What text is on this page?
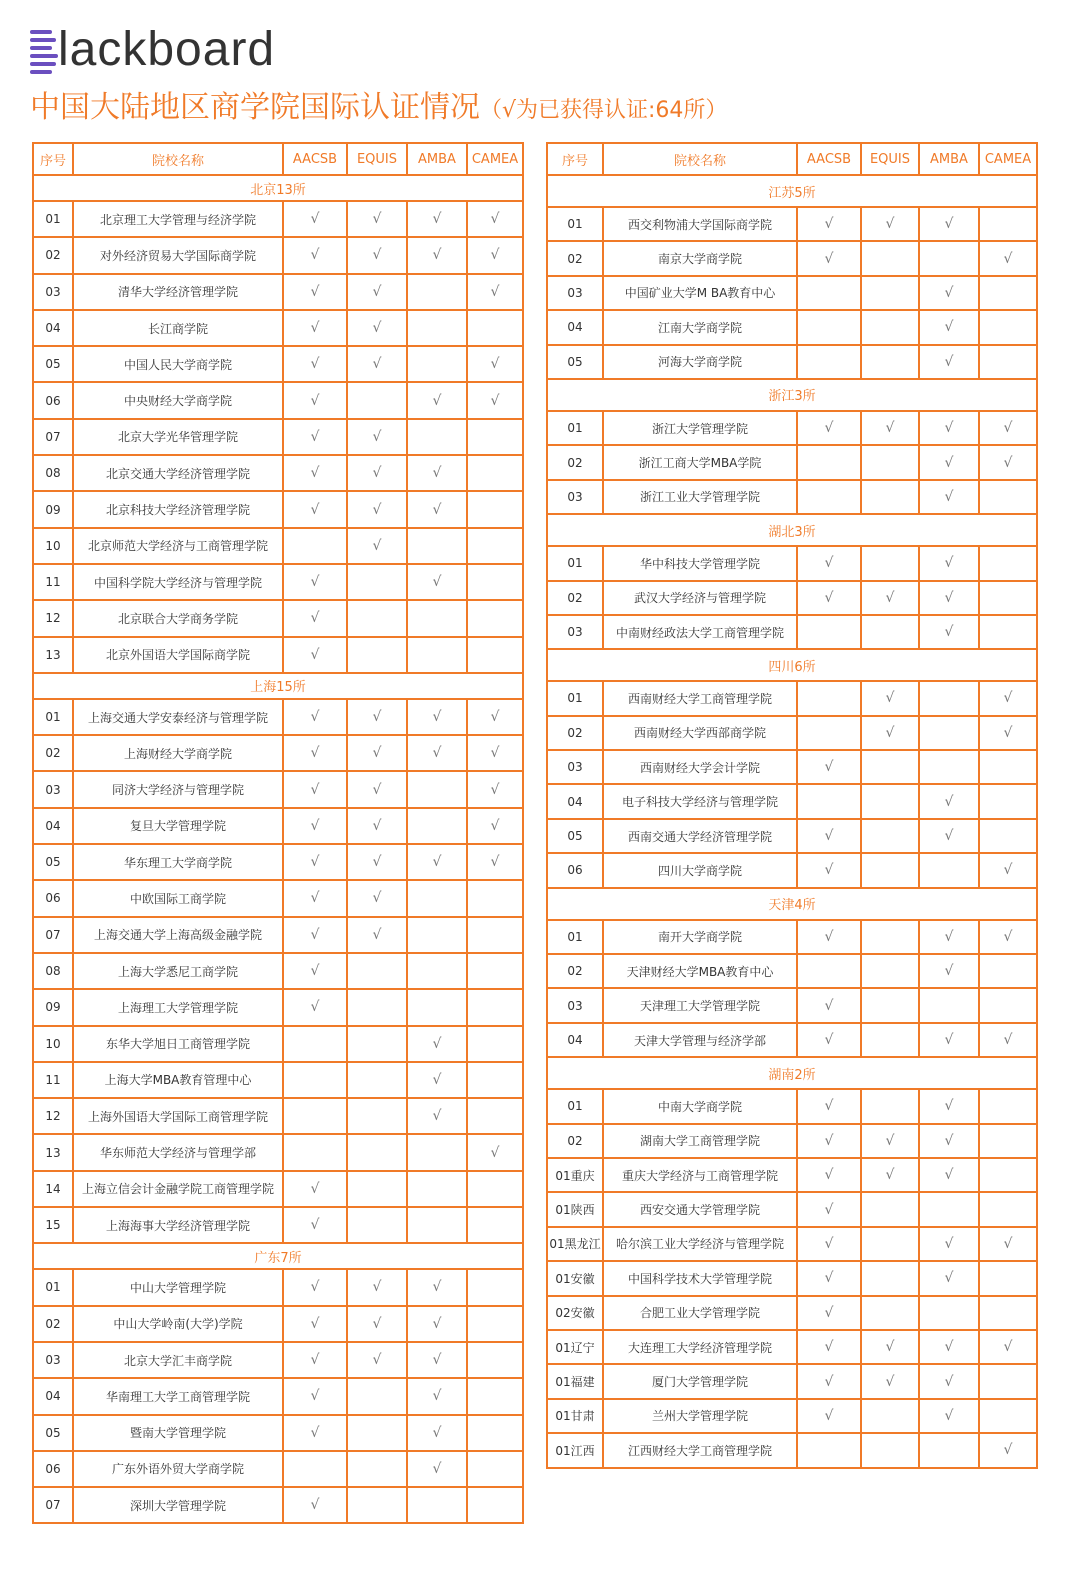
lackboard
中国大陆地区商学院国际认证情况（√为已获得认证:64所）
序号	院校名称	AACSB	EQUIS	AMBA	CAMEA
北京13所					
01	北京理工大学管理与经济学院	√	√	√	√
02	对外经济贸易大学国际商学院	√	√	√	√
03	清华大学经济管理学院	√	√		√
04	长江商学院	√	√		
05	中国人民大学商学院	√	√		√
06	中央财经大学商学院	√		√	√
07	北京大学光华管理学院	√	√		
08	北京交通大学经济管理学院	√	√	√	
09	北京科技大学经济管理学院	√	√	√	
10	北京师范大学经济与工商管理学院		√		
11	中国科学院大学经济与管理学院	√		√	
12	北京联合大学商务学院	√			
13	北京外国语大学国际商学院	√			
上海15所					
01	上海交通大学安泰经济与管理学院	√	√	√	√
02	上海财经大学商学院	√	√	√	√
03	同济大学经济与管理学院	√	√		√
04	复旦大学管理学院	√	√		√
05	华东理工大学商学院	√	√	√	√
06	中欧国际工商学院	√	√		
07	上海交通大学上海高级金融学院	√	√		
08	上海大学悉尼工商学院	√			
09	上海理工大学管理学院	√			
10	东华大学旭日工商管理学院			√	
11	上海大学MBA教育管理中心			√	
12	上海外国语大学国际工商管理学院			√	
13	华东师范大学经济与管理学部				√
14	上海立信会计金融学院工商管理学院	√			
15	上海海事大学经济管理学院	√			
广东7所					
01	中山大学管理学院	√	√	√	
02	中山大学岭南(大学)学院	√	√	√	
03	北京大学汇丰商学院	√	√	√	
04	华南理工大学工商管理学院	√		√	
05	暨南大学管理学院	√		√	
06	广东外语外贸大学商学院			√	
07	深圳大学管理学院	√			
序号	院校名称	AACSB	EQUIS	AMBA	CAMEA
江苏5所					
01	西交利物浦大学国际商学院	√	√	√	
02	南京大学商学院	√			√
03	中国矿业大学M BA教育中心			√	
04	江南大学商学院			√	
05	河海大学商学院			√	
浙江3所					
01	浙江大学管理学院	√	√	√	√
02	浙江工商大学MBA学院			√	√
03	浙江工业大学管理学院			√	
湖北3所					
01	华中科技大学管理学院	√		√	
02	武汉大学经济与管理学院	√	√	√	
03	中南财经政法大学工商管理学院			√	
四川6所					
01	西南财经大学工商管理学院		√		√
02	西南财经大学西部商学院		√		√
03	西南财经大学会计学院	√			
04	电子科技大学经济与管理学院			√	
05	西南交通大学经济管理学院	√		√	
06	四川大学商学院	√			√
天津4所					
01	南开大学商学院	√		√	√
02	天津财经大学MBA教育中心			√	
03	天津理工大学管理学院	√			
04	天津大学管理与经济学部	√		√	√
湖南2所					
01	中南大学商学院	√		√	
02	湖南大学工商管理学院	√	√	√	
01重庆	重庆大学经济与工商管理学院	√	√	√	
01陕西	西安交通大学管理学院	√			
01黑龙江	哈尔滨工业大学经济与管理学院	√		√	√
01安徽	中国科学技术大学管理学院	√		√	
02安徽	合肥工业大学管理学院	√			
01辽宁	大连理工大学经济管理学院	√	√	√	√
01福建	厦门大学管理学院	√	√	√	
01甘肃	兰州大学管理学院	√		√	
01江西	江西财经大学工商管理学院				√
